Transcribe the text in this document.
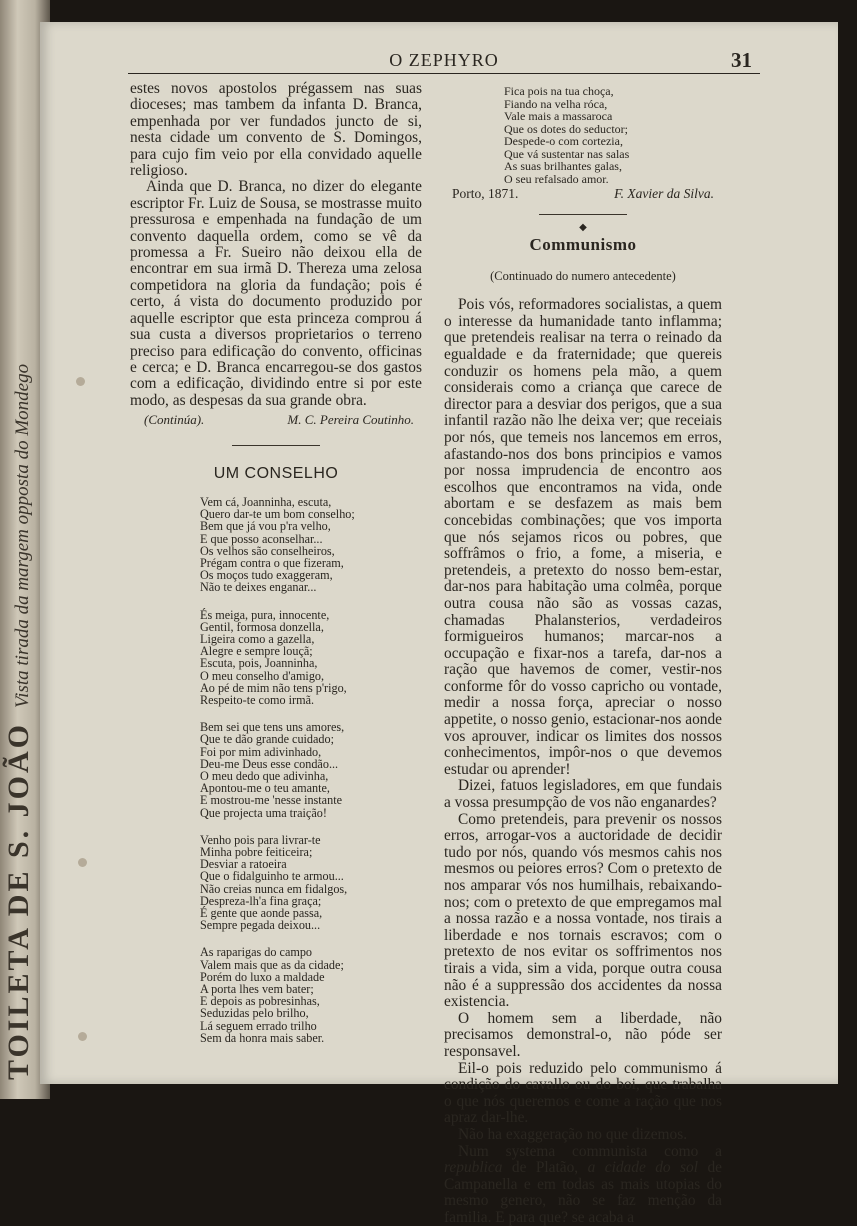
TOILETA DE S. JOÃO Vista tirada da margem opposta do Mondego
O ZEPHYRO	31

estes novos apostolos prégassem nas suas dioceses; mas tambem da infanta D. Branca, empenhada por ver fundados juncto de si, nesta cidade um convento de S. Domingos, para cujo fim veio por ella convidado aquelle religioso.

Ainda que D. Branca, no dizer do elegante escriptor Fr. Luiz de Sousa, se mostrasse muito pressurosa e empenhada na fundação de um convento daquella ordem, como se vê da promessa a Fr. Sueiro não deixou ella de encontrar em sua irmã D. Thereza uma zelosa competidora na gloria da fundação; pois é certo, á vista do documento produzido por aquelle escriptor que esta princeza comprou á sua custa a diversos proprietarios o terreno preciso para edificação do convento, officinas e cerca; e D. Branca encarregou-se dos gastos com a edificação, dividindo entre si por este modo, as despesas da sua grande obra.

(Continúa).	M. C. Pereira Coutinho.
UM CONSELHO
Vem cá, Joanninha, escuta,
Quero dar-te um bom conselho;
Bem que já vou p'ra velho,
E que posso aconselhar...
Os velhos são conselheiros,
Prégam contra o que fizeram,
Os moços tudo exaggeram,
Não te deixes enganar...
És meiga, pura, innocente,
Gentil, formosa donzella,
Ligeira como a gazella,
Alegre e sempre louçã;
Escuta, pois, Joanninha,
O meu conselho d'amigo,
Ao pé de mim não tens p'rigo,
Respeito-te como irmã.
Bem sei que tens uns amores,
Que te dão grande cuidado;
Foi por mim adivinhado,
Deu-me Deus esse condão...
O meu dedo que adivinha,
Apontou-me o teu amante,
E mostrou-me 'nesse instante
Que projecta uma traição!
Venho pois para livrar-te
Minha pobre feiticeira;
Desviar a ratoeira
Que o fidalguinho te armou...
Não creias nunca em fidalgos,
Despreza-lh'a fina graça;
É gente que aonde passa,
Sempre pegada deixou...
As raparigas do campo
Valem mais que as da cidade;
Porém do luxo a maldade
A porta lhes vem bater;
E depois as pobresinhas,
Seduzidas pelo brilho,
Lá seguem errado trilho
Sem da honra mais saber.
Fica pois na tua choça,
Fiando na velha róca,
Vale mais a massaroca
Que os dotes do seductor;
Despede-o com cortezia,
Que vá sustentar nas salas
As suas brilhantes galas,
O seu refalsado amor.
Porto, 1871.	F. Xavier da Silva.
◆
Communismo
(Continuado do numero antecedente)

Pois vós, reformadores socialistas, a quem o interesse da humanidade tanto inflamma; que pretendeis realisar na terra o reinado da egualdade e da fraternidade; que quereis conduzir os homens pela mão, a quem considerais como a criança que carece de director para a desviar dos perigos, que a sua infantil razão não lhe deixa ver; que receiais por nós, que temeis nos lancemos em erros, afastando-nos dos bons principios e vamos por nossa imprudencia de encontro aos escolhos que encontramos na vida, onde abortam e se desfazem as mais bem concebidas combinações; que vos importa que nós sejamos ricos ou pobres, que soffrâmos o frio, a fome, a miseria, e pretendeis, a pretexto do nosso bem-estar, dar-nos para habitação uma colmêa, porque outra cousa não são as vossas cazas, chamadas Phalansterios, verdadeiros formigueiros humanos; marcar-nos a occupação e fixar-nos a tarefa, dar-nos a ração que havemos de comer, vestir-nos conforme fôr do vosso capricho ou vontade, medir a nossa força, apreciar o nosso appetite, o nosso genio, estacionar-nos aonde vos aprouver, indicar os limites dos nossos conhecimentos, impôr-nos o que devemos estudar ou aprender!

Dizei, fatuos legisladores, em que fundais a vossa presumpção de vos não enganardes?

Como pretendeis, para prevenir os nossos erros, arrogar-vos a auctoridade de decidir tudo por nós, quando vós mesmos cahis nos mesmos ou peiores erros? Com o pretexto de nos amparar vós nos humilhais, rebaixando-nos; com o pretexto de que empregamos mal a nossa razão e a nossa vontade, nos tirais a liberdade e nos tornais escravos; com o pretexto de nos evitar os soffrimentos nos tirais a vida, sim a vida, porque outra cousa não é a suppressão dos accidentes da nossa existencia.

O homem sem a liberdade, não precisamos demonstral-o, não póde ser responsavel.

Eil-o pois reduzido pelo communismo á condição do cavallo ou do boi, que trabalha o que nós queremos e come a ração que nos apraz dar-lhe.

Não ha exaggeração no que dizemos.

Num systema communista como a republica de Platão, a cidade do sol de Campanella e em todas as mais utopias do mesmo genero, não se faz menção da familia. E para que? se acaba a
